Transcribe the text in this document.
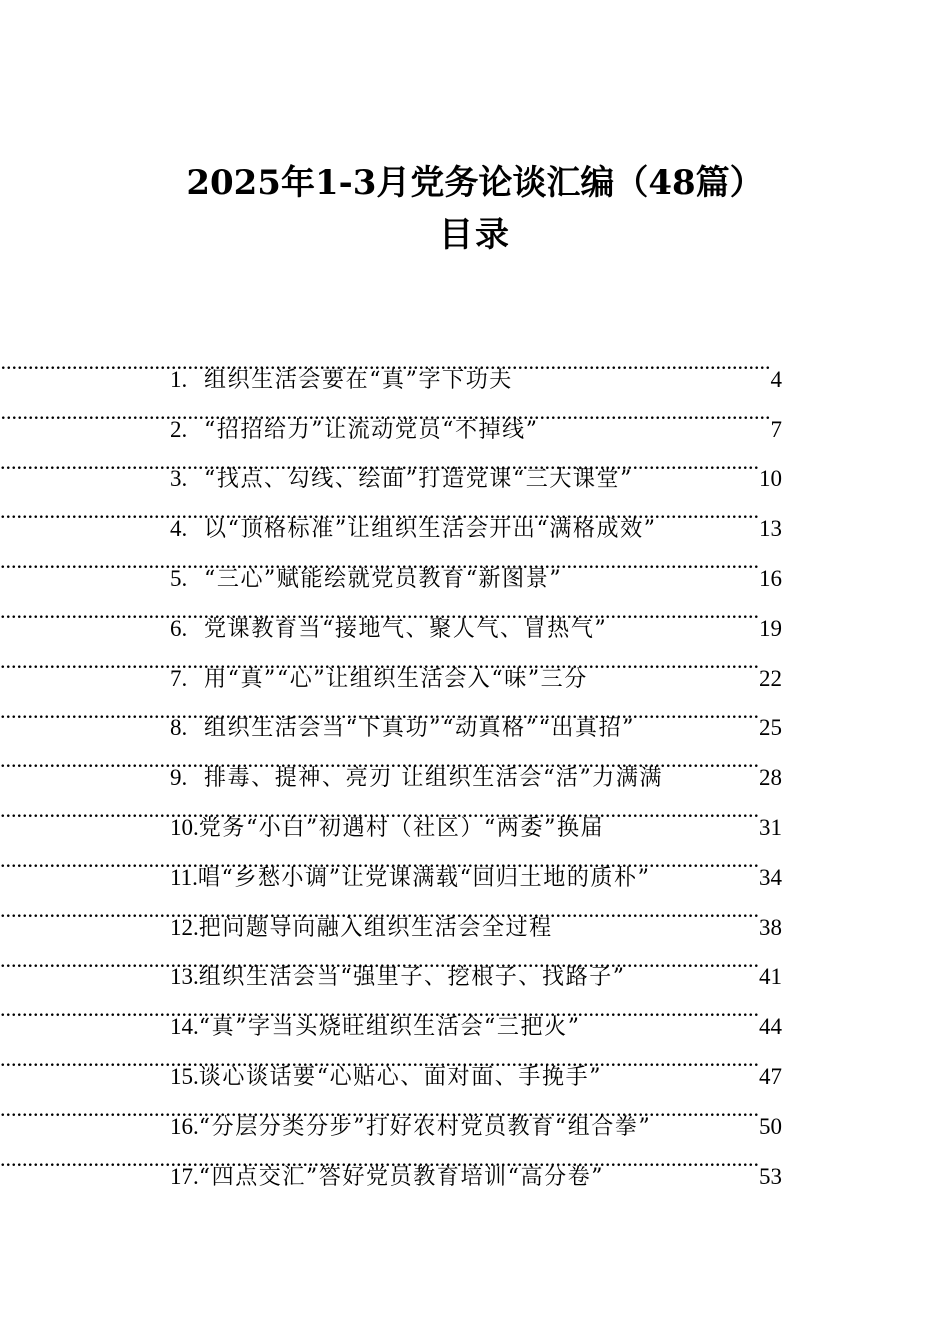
2025年1-3月党务论谈汇编（48篇）
目录
1. 组织生活会要在“真”字下功夫 .....	4
2. “招招给力”让流动党员“不掉线” .....	7
3. “找点、勾线、绘面”打造党课“三大课堂” .....	10
4. 以“顶格标准”让组织生活会开出“满格成效” .....	13
5. “三心”赋能绘就党员教育“新图景” .....	16
6. 党课教育当“接地气、聚人气、冒热气” .....	19
7. 用“真”“心”让组织生活会入“味”三分 .....	22
8. 组织生活会当“下真功”“动真格”“出真招” .....	25
9. 排毒、提神、亮刃 让组织生活会“活”力满满 .....	28
10. 党务“小白”初遇村（社区）“两委”换届 .....	31
11. 唱“乡愁小调”让党课满载“回归土地的质朴” .....	34
12. 把问题导向融入组织生活会全过程 .....	38
13. 组织生活会当“强里子、挖根子、找路子” .....	41
14. “真”字当头烧旺组织生活会“三把火” .....	44
15. 谈心谈话要“心贴心、面对面、手挽手” .....	47
16. “分层分类分步”打好农村党员教育“组合拳” .....	50
17. “四点交汇”答好党员教育培训“高分卷” .....	53
